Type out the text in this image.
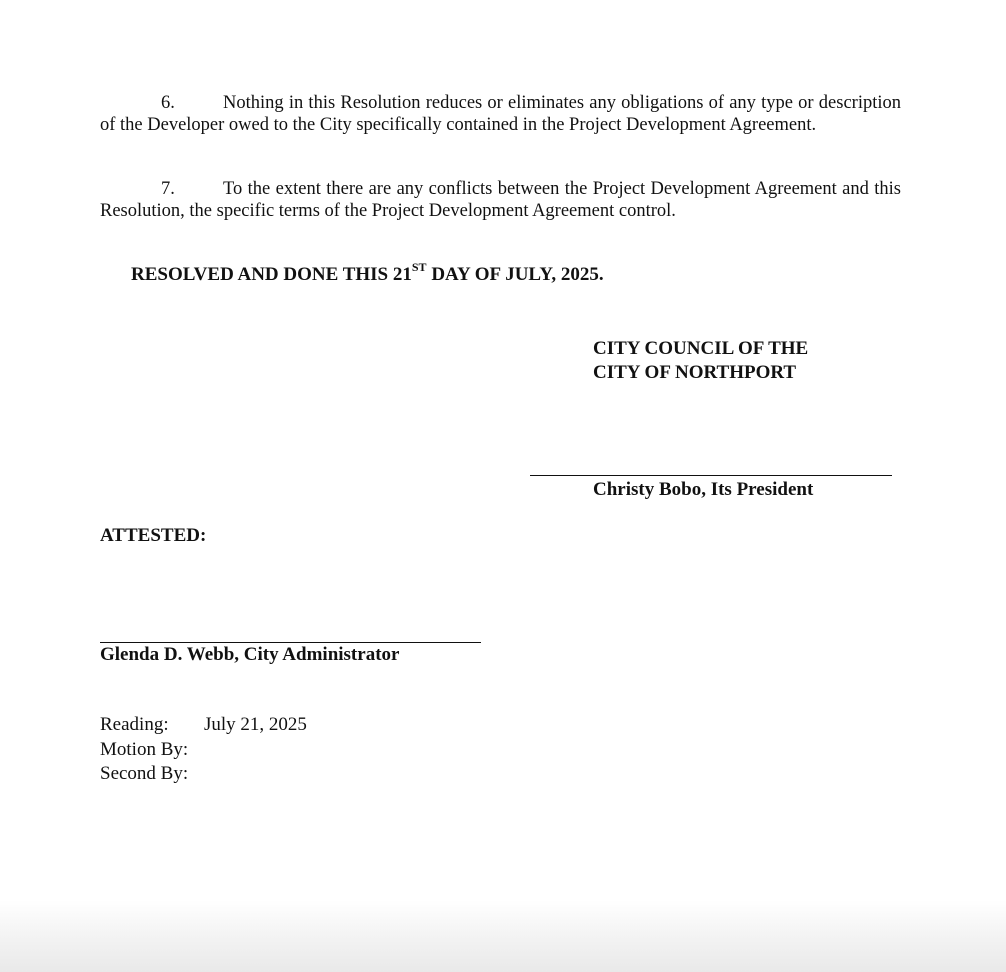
6.	Nothing in this Resolution reduces or eliminates any obligations of any type or description of the Developer owed to the City specifically contained in the Project Development Agreement.

7.	To the extent there are any conflicts between the Project Development Agreement and this Resolution, the specific terms of the Project Development Agreement control.

RESOLVED AND DONE THIS 21ST DAY OF JULY, 2025.

CITY COUNCIL OF THE
CITY OF NORTHPORT
Christy Bobo, Its President
ATTESTED:
Glenda D. Webb, City Administrator
Reading: July 21, 2025
Motion By:
Second By:
